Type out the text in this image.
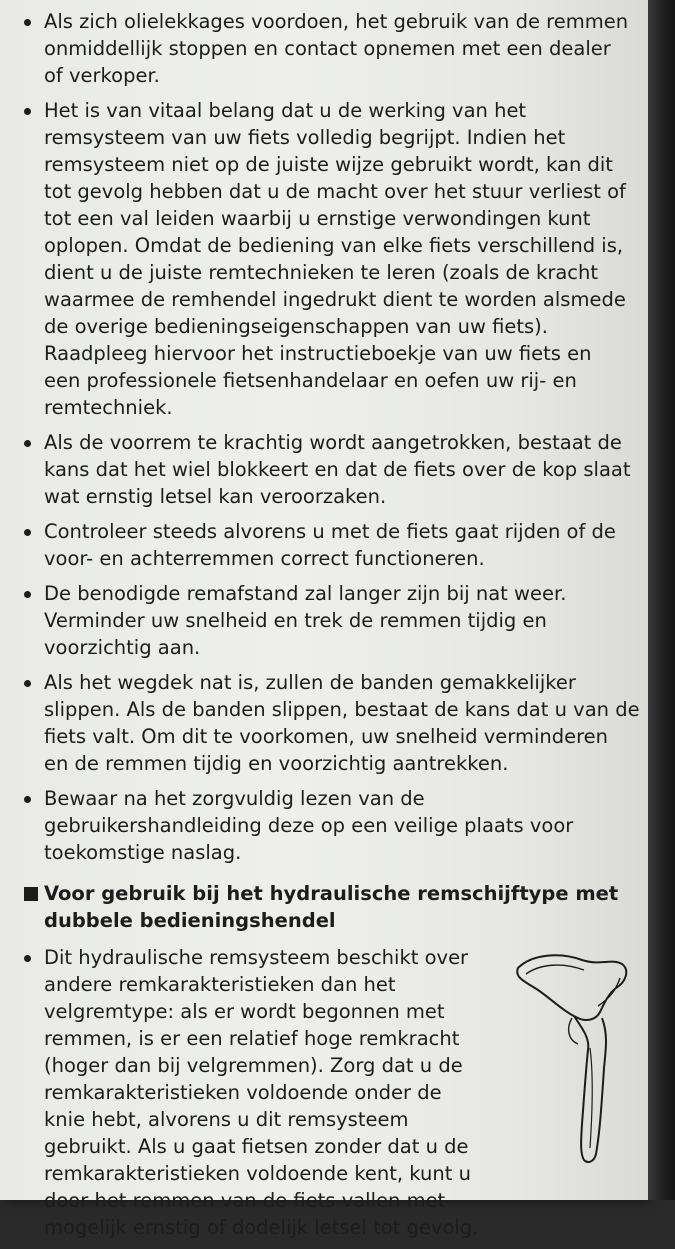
Als zich olielekkages voordoen, het gebruik van de remmen
onmiddellijk stoppen en contact opnemen met een dealer
of verkoper.
Het is van vitaal belang dat u de werking van het
remsysteem van uw fiets volledig begrijpt. Indien het
remsysteem niet op de juiste wijze gebruikt wordt, kan dit
tot gevolg hebben dat u de macht over het stuur verliest of
tot een val leiden waarbij u ernstige verwondingen kunt
oplopen. Omdat de bediening van elke fiets verschillend is,
dient u de juiste remtechnieken te leren (zoals de kracht
waarmee de remhendel ingedrukt dient te worden alsmede
de overige bedieningseigenschappen van uw fiets).
Raadpleeg hiervoor het instructieboekje van uw fiets en
een professionele fietsenhandelaar en oefen uw rij- en
remtechniek.
Als de voorrem te krachtig wordt aangetrokken, bestaat de
kans dat het wiel blokkeert en dat de fiets over de kop slaat
wat ernstig letsel kan veroorzaken.
Controleer steeds alvorens u met de fiets gaat rijden of de
voor- en achterremmen correct functioneren.
De benodigde remafstand zal langer zijn bij nat weer.
Verminder uw snelheid en trek de remmen tijdig en
voorzichtig aan.
Als het wegdek nat is, zullen de banden gemakkelijker
slippen. Als de banden slippen, bestaat de kans dat u van de
fiets valt. Om dit te voorkomen, uw snelheid verminderen
en de remmen tijdig en voorzichtig aantrekken.
Bewaar na het zorgvuldig lezen van de
gebruikershandleiding deze op een veilige plaats voor
toekomstige naslag.
Voor gebruik bij het hydraulische remschijftype met
dubbele bedieningshendel
Dit hydraulische remsysteem beschikt over
andere remkarakteristieken dan het
velgremtype: als er wordt begonnen met
remmen, is er een relatief hoge remkracht
(hoger dan bij velgremmen). Zorg dat u de
remkarakteristieken voldoende onder de
knie hebt, alvorens u dit remsysteem
gebruikt. Als u gaat fietsen zonder dat u de
remkarakteristieken voldoende kent, kunt u
door het remmen van de fiets vallen met
mogelijk ernstig of dodelijk letsel tot gevolg.
